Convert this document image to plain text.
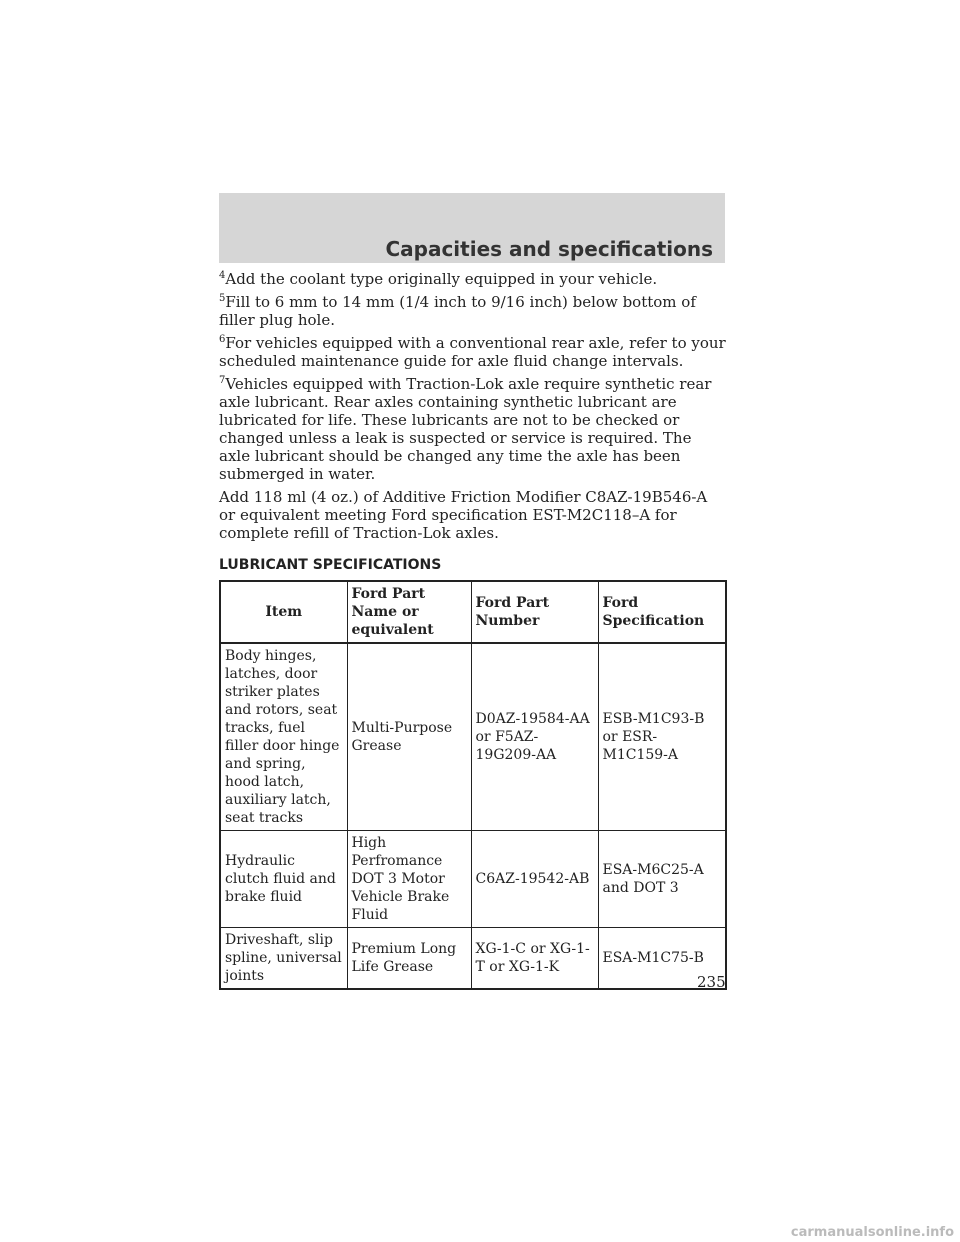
Capacities and specifications

$^4$Add the coolant type originally equipped in your vehicle.

$^5$Fill to 6 mm to 14 mm (1/4 inch to 9/16 inch) below bottom of filler plug hole.

$^6$For vehicles equipped with a conventional rear axle, refer to your scheduled maintenance guide for axle fluid change intervals.

$^7$Vehicles equipped with Traction-Lok axle require synthetic rear axle lubricant. Rear axles containing synthetic lubricant are lubricated for life. These lubricants are not to be checked or changed unless a leak is suspected or service is required. The axle lubricant should be changed any time the axle has been submerged in water.

Add 118 ml (4 oz.) of Additive Friction Modifier C8AZ-19B546-A or equivalent meeting Ford specification EST-M2C118–A for complete refill of Traction-Lok axles.

LUBRICANT SPECIFICATIONS
Item	Ford Part Name or equivalent	Ford Part Number	Ford Specification
Body hinges, latches, door striker plates and rotors, seat tracks, fuel filler door hinge and spring, hood latch, auxiliary latch, seat tracks	Multi-Purpose Grease	D0AZ-19584-AA or F5AZ-19G209-AA	ESB-M1C93-B or ESR-M1C159-A
Hydraulic clutch fluid and brake fluid	High Perfromance DOT 3 Motor Vehicle Brake Fluid	C6AZ-19542-AB	ESA-M6C25-A and DOT 3
Driveshaft, slip spline, universal joints	Premium Long Life Grease	XG-1-C or XG-1-T or XG-1-K	ESA-M1C75-B
235
carmanualsonline.info
